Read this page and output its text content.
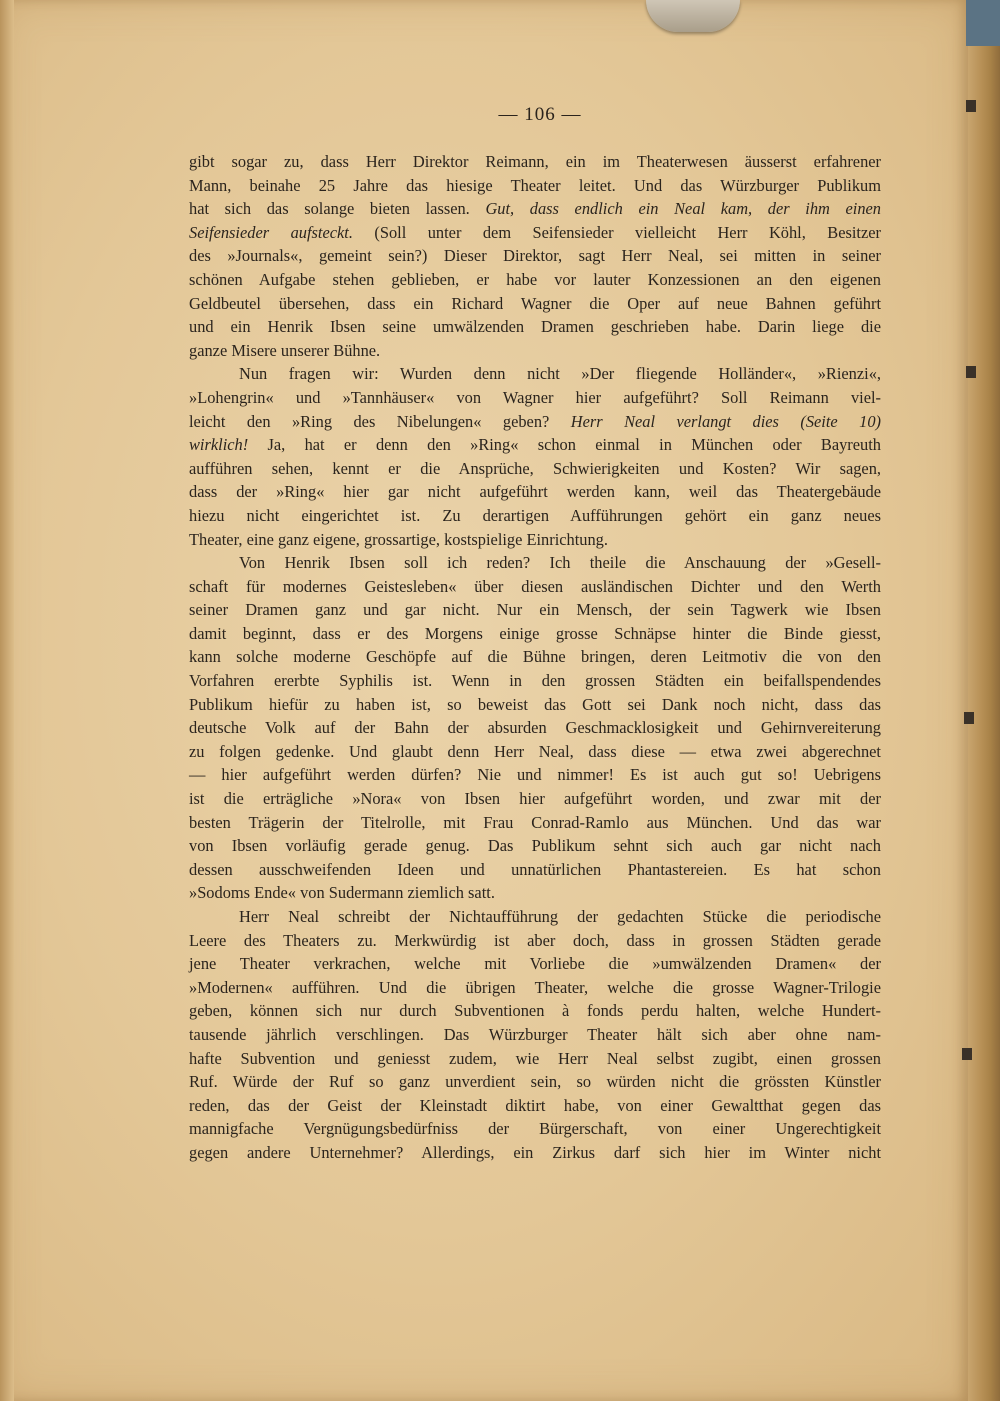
— 106 —
gibt sogar zu, dass Herr Direktor Reimann, ein im Theaterwesen äusserst erfahrener
Mann, beinahe 25 Jahre das hiesige Theater leitet. Und das Würzburger Publikum
hat sich das solange bieten lassen. Gut, dass endlich ein Neal kam, der ihm einen
Seifensieder aufsteckt. (Soll unter dem Seifensieder vielleicht Herr Köhl, Besitzer
des »Journals«, gemeint sein?) Dieser Direktor, sagt Herr Neal, sei mitten in seiner
schönen Aufgabe stehen geblieben, er habe vor lauter Konzessionen an den eigenen
Geldbeutel übersehen, dass ein Richard Wagner die Oper auf neue Bahnen geführt
und ein Henrik Ibsen seine umwälzenden Dramen geschrieben habe. Darin liege die
ganze Misere unserer Bühne.
Nun fragen wir: Wurden denn nicht »Der fliegende Holländer«, »Rienzi«,
»Lohengrin« und »Tannhäuser« von Wagner hier aufgeführt? Soll Reimann viel-
leicht den »Ring des Nibelungen« geben? Herr Neal verlangt dies (Seite 10)
wirklich! Ja, hat er denn den »Ring« schon einmal in München oder Bayreuth
aufführen sehen, kennt er die Ansprüche, Schwierigkeiten und Kosten? Wir sagen,
dass der »Ring« hier gar nicht aufgeführt werden kann, weil das Theatergebäude
hiezu nicht eingerichtet ist. Zu derartigen Aufführungen gehört ein ganz neues
Theater, eine ganz eigene, grossartige, kostspielige Einrichtung.
Von Henrik Ibsen soll ich reden? Ich theile die Anschauung der »Gesell-
schaft für modernes Geistesleben« über diesen ausländischen Dichter und den Werth
seiner Dramen ganz und gar nicht. Nur ein Mensch, der sein Tagwerk wie Ibsen
damit beginnt, dass er des Morgens einige grosse Schnäpse hinter die Binde giesst,
kann solche moderne Geschöpfe auf die Bühne bringen, deren Leitmotiv die von den
Vorfahren ererbte Syphilis ist. Wenn in den grossen Städten ein beifallspendendes
Publikum hiefür zu haben ist, so beweist das Gott sei Dank noch nicht, dass das
deutsche Volk auf der Bahn der absurden Geschmacklosigkeit und Gehirnvereiterung
zu folgen gedenke. Und glaubt denn Herr Neal, dass diese — etwa zwei abgerechnet
— hier aufgeführt werden dürfen? Nie und nimmer! Es ist auch gut so! Uebrigens
ist die erträgliche »Nora« von Ibsen hier aufgeführt worden, und zwar mit der
besten Trägerin der Titelrolle, mit Frau Conrad-Ramlo aus München. Und das war
von Ibsen vorläufig gerade genug. Das Publikum sehnt sich auch gar nicht nach
dessen ausschweifenden Ideen und unnatürlichen Phantastereien. Es hat schon
»Sodoms Ende« von Sudermann ziemlich satt.
Herr Neal schreibt der Nichtaufführung der gedachten Stücke die periodische
Leere des Theaters zu. Merkwürdig ist aber doch, dass in grossen Städten gerade
jene Theater verkrachen, welche mit Vorliebe die »umwälzenden Dramen« der
»Modernen« aufführen. Und die übrigen Theater, welche die grosse Wagner-Trilogie
geben, können sich nur durch Subventionen à fonds perdu halten, welche Hundert-
tausende jährlich verschlingen. Das Würzburger Theater hält sich aber ohne nam-
hafte Subvention und geniesst zudem, wie Herr Neal selbst zugibt, einen grossen
Ruf. Würde der Ruf so ganz unverdient sein, so würden nicht die grössten Künstler
reden, das der Geist der Kleinstadt diktirt habe, von einer Gewaltthat gegen das
mannigfache Vergnügungsbedürfniss der Bürgerschaft, von einer Ungerechtigkeit
gegen andere Unternehmer? Allerdings, ein Zirkus darf sich hier im Winter nicht
